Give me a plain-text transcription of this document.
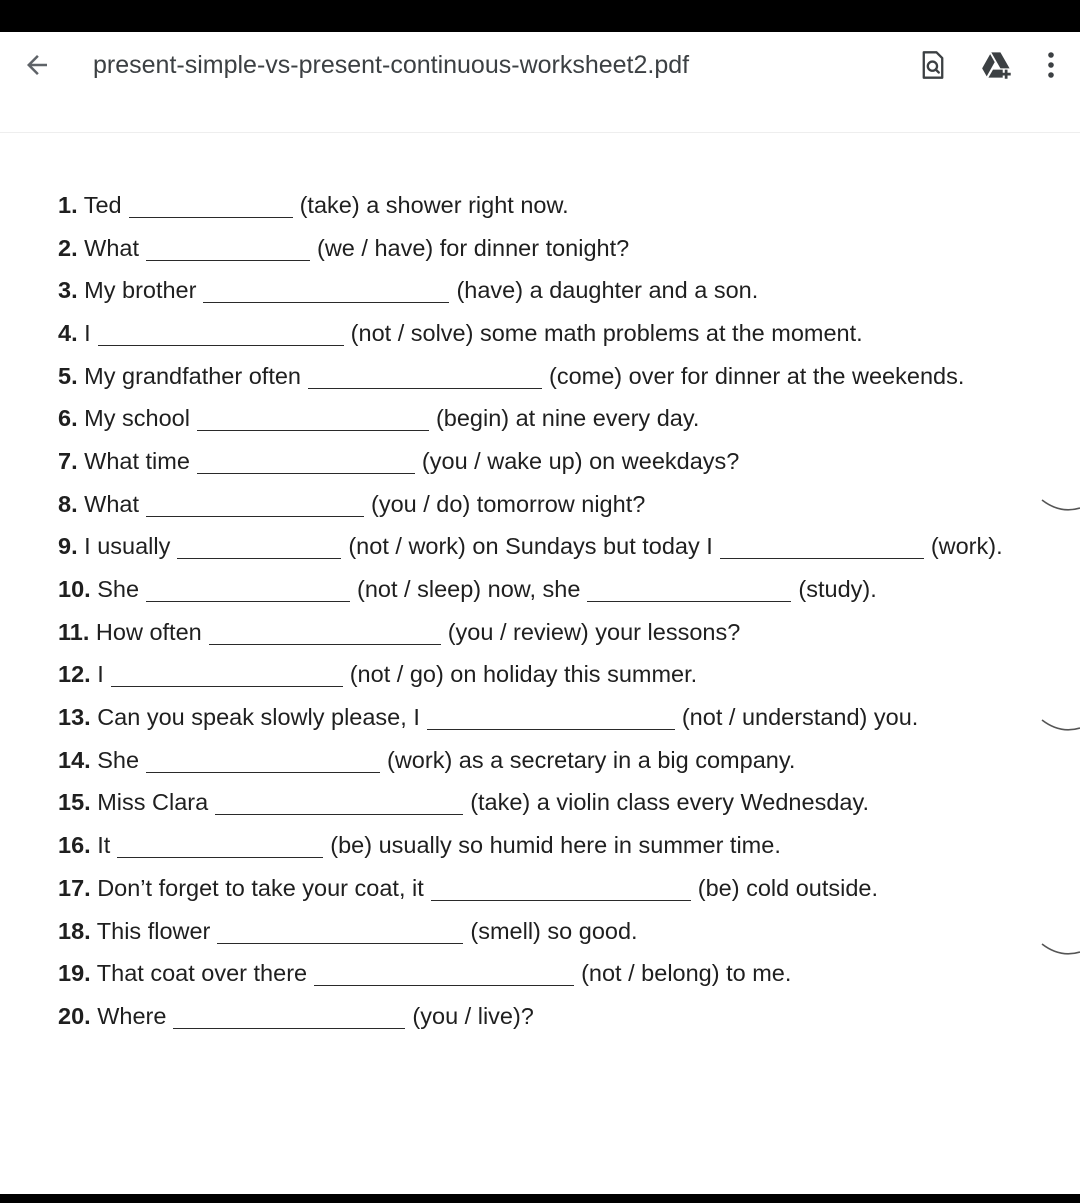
present-simple-vs-present-continuous-worksheet2.pdf
1. Ted	(take) a shower right now.
2. What	(we / have) for dinner tonight?
3. My brother	(have) a daughter and a son.
4. I	(not / solve) some math problems at the moment.
5. My grandfather often	(come) over for dinner at the weekends.
6. My school	(begin) at nine every day.
7. What time	(you / wake up) on weekdays?
8. What	(you / do) tomorrow night?
9. I usually	(not / work) on Sundays but today I	(work).
10. She	(not / sleep) now, she	(study).
11. How often	(you / review) your lessons?
12. I	(not / go) on holiday this summer.
13. Can you speak slowly please, I	(not / understand) you.
14. She	(work) as a secretary in a big company.
15. Miss Clara	(take) a violin class every Wednesday.
16. It	(be) usually so humid here in summer time.
17. Don’t forget to take your coat, it	(be) cold outside.
18. This flower	(smell) so good.
19. That coat over there	(not / belong) to me.
20. Where	(you / live)?
